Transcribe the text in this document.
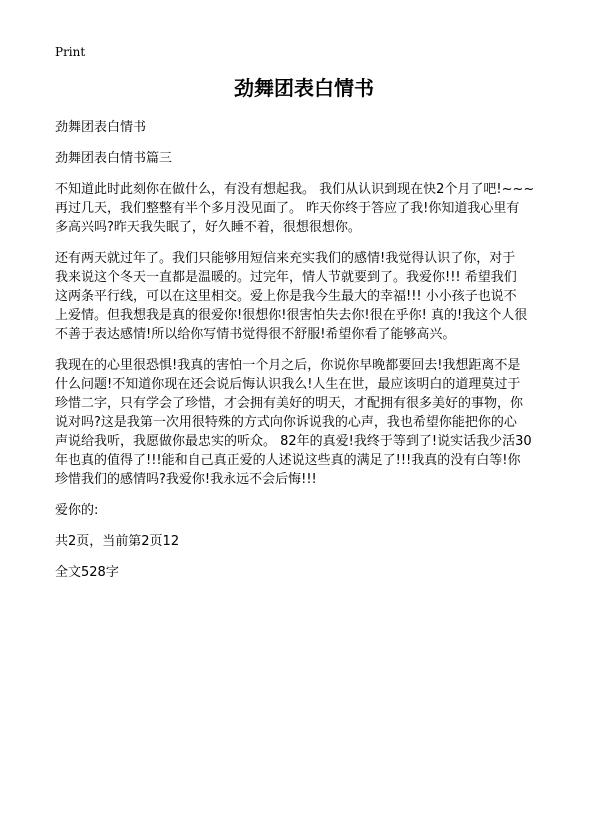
Print
劲舞团表白情书
劲舞团表白情书
劲舞团表白情书篇三
不知道此时此刻你在做什么，有没有想起我。 我们从认识到现在快2个月了吧!~~~
再过几天，我们整整有半个多月没见面了。 昨天你终于答应了我!你知道我心里有
多高兴吗?昨天我失眠了，好久睡不着，很想很想你。
还有两天就过年了。我们只能够用短信来充实我们的感情!我觉得认识了你，对于
我来说这个冬天一直都是温暖的。过完年，情人节就要到了。我爱你!!! 希望我们
这两条平行线，可以在这里相交。爱上你是我今生最大的幸福!!! 小小孩子也说不
上爱情。但我想我是真的很爱你!很想你!很害怕失去你!很在乎你! 真的!我这个人很
不善于表达感情!所以给你写情书觉得很不舒服!希望你看了能够高兴。
我现在的心里很恐惧!我真的害怕一个月之后，你说你早晚都要回去!我想距离不是
什么问题!不知道你现在还会说后悔认识我么!人生在世，最应该明白的道理莫过于
珍惜二字，只有学会了珍惜，才会拥有美好的明天，才配拥有很多美好的事物，你
说对吗?这是我第一次用很特殊的方式向你诉说我的心声，我也希望你能把你的心
声说给我听，我愿做你最忠实的听众。 82年的真爱!我终于等到了!说实话我少活30
年也真的值得了!!!能和自己真正爱的人述说这些真的满足了!!!我真的没有白等!你
珍惜我们的感情吗?我爱你!我永远不会后悔!!!
爱你的:
共2页，当前第2页12
全文528字
